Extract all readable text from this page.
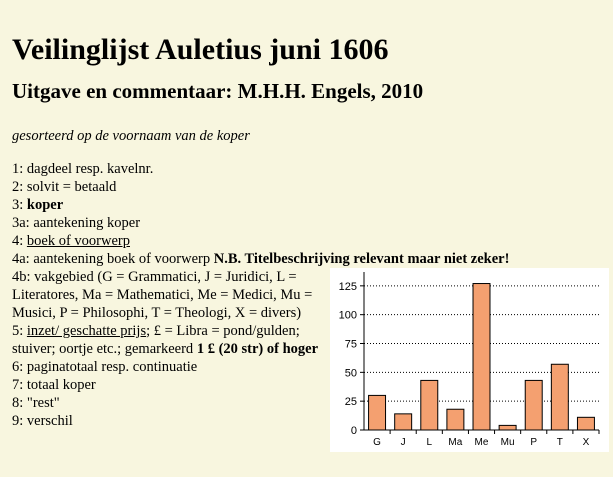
Veilinglijst Auletius juni 1606
Uitgave en commentaar: M.H.H. Engels, 2010

gesorteerd op de voornaam van de koper

1: dagdeel resp. kavelnr.
2: solvit = betaald
3: koper
3a: aantekening koper
4: boek of voorwerp
4a: aantekening boek of voorwerp N.B. Titelbeschrijving relevant maar niet zeker!
4b: vakgebied (G = Grammatici, J = Juridici, L = Literatores, Ma = Mathematici, Me = Medici, Mu = Musici, P = Philosophi, T = Theologi, X = divers)
5: inzet/ geschatte prijs; £ = Libra = pond/gulden; stuiver; oortje etc.; gemarkeerd 1 £ (20 str) of hoger
6: paginatotaal resp. continuatie
7: totaal koper
8: "rest"
9: verschil
0
25
50
75
100
125
G J L Ma Me Mu P T X
